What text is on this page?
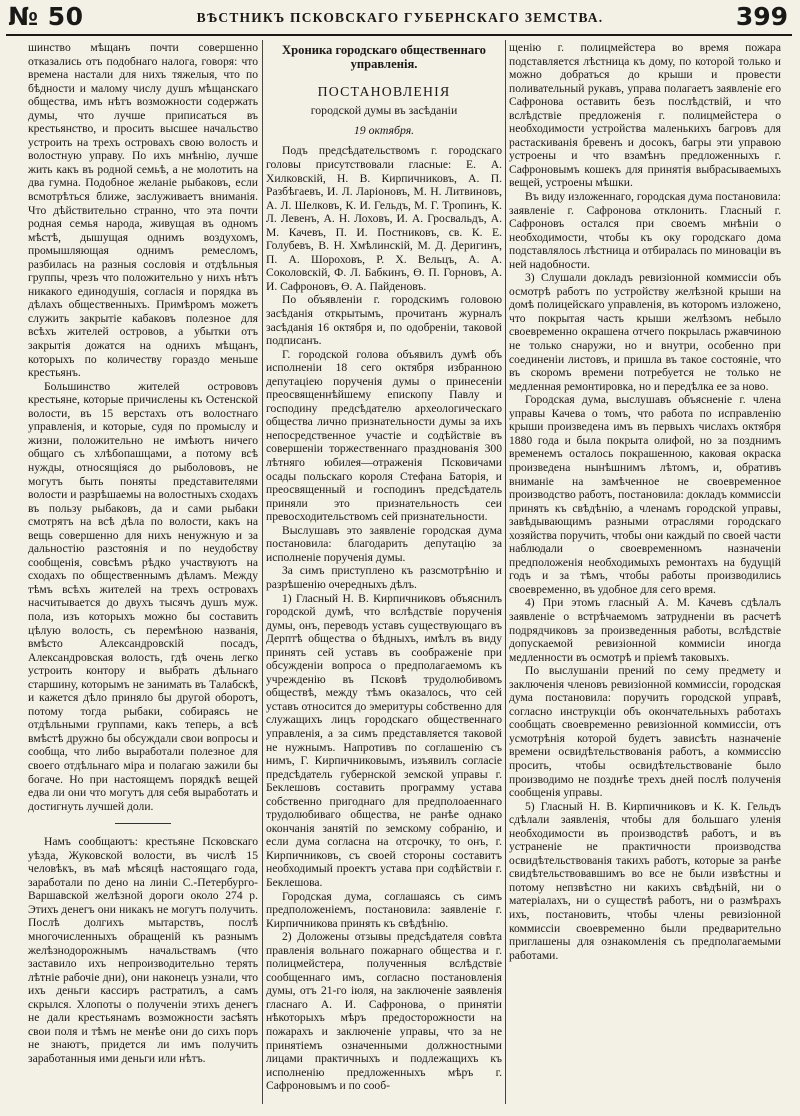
№ 50	ВѢСТНИКЪ ПСКОВСКАГО ГУБЕРНСКАГО ЗЕМСТВА.	399

шинство мѣщанъ почти совершенно отказались отъ подобнаго налога, говоря: что времена настали для нихъ тяжелыя, что по бѣдности и малому числу душъ мѣщанскаго общества, имъ нѣтъ возможности содержать думы, что лучше приписаться въ крестьянство, и просить высшее начальство устроить на трехъ островахъ свою волость и волостную управу. По ихъ мнѣнію, лучше жить какъ въ родной семьѣ, а не молотить на два гумна. Подобное желаніе рыбаковъ, если всмотрѣться ближе, заслуживаетъ вниманія. Что дѣйствительно странно, что эта почти родная семья народа, живущая въ одномъ мѣстѣ, дышущая однимъ воздухомъ, промышляющая однимъ ремесломъ, разбилась на разныя сословія и отдѣльныя группы, чрезъ что положительно у нихъ нѣтъ никакого единодушія, согласія и порядка въ дѣлахъ общественныхъ. Примѣромъ можетъ служить закрытіе кабаковъ полезное для всѣхъ жителей островов, а убытки отъ закрытія дожатся на однихъ мѣщанъ, которыхъ по количеству гораздо меньше крестьянъ.

Большинство жителей острововъ крестьяне, которые причислены къ Остенской волости, въ 15 верстахъ отъ волостнаго управленія, и которые, судя по промыслу и жизни, положительно не имѣютъ ничего общаго съ хлѣбопашцами, а потому всѣ нужды, относящіяся до рыболововъ, не могутъ быть поняты представителями волости и разрѣшаемы на волостныхъ сходахъ въ пользу рыбаковъ, да и сами рыбаки смотрятъ на всѣ дѣла по волости, какъ на вещь совершенно для нихъ ненужную и за дальностію разстоянія и по неудобству сообщенія, совсѣмъ рѣдко участвуютъ на сходахъ по общественнымъ дѣламъ. Между тѣмъ всѣхъ жителей на трехъ островахъ насчитывается до двухъ тысячъ душъ муж. пола, изъ которыхъ можно бы составить цѣлую волость, съ перемѣною названія, вмѣсто Александровскій посадъ, Александровская волость, гдѣ очень легко устроить контору и выбрать дѣльнаго старшину, которымъ не занимать въ Талабскѣ, и кажется дѣло приняло бы другой оборотъ, потому тогда рыбаки, собираясь не отдѣльными группами, какъ теперь, а всѣ вмѣстѣ дружно бы обсуждали свои вопросы и сообща, что либо выработали полезное для своего отдѣльнаго міра и полагаю зажили бы богаче. Но при настоящемъ порядкѣ вещей едва ли они что могутъ для себя выработать и достигнуть лучшей доли.

Намъ сообщаютъ: крестьяне Псковскаго уѣзда, Жуковской волости, въ числѣ 15 человѣкъ, въ маѣ мѣсяцѣ настоящаго года, заработали по дено на линіи С.-Петербурго-Варшавской желѣзной дороги около 274 р. Этихъ денегъ они никакъ не могутъ получить. Послѣ долгихъ мытарствъ, послѣ многочисленныхъ обращеній къ разнымъ желѣзнодорожнымъ начальствамъ (что заставило ихъ непроизводительно терять лѣтніе рабочіе дни), они наконецъ узнали, что ихъ деньги кассиръ растратилъ, а самъ скрылся. Хлопоты о полученіи этихъ денегъ не дали крестьянамъ возможности засѣять свои поля и тѣмъ не менѣе они до сихъ поръ не знаютъ, придется ли имъ получить заработанныя ими деньги или нѣтъ.

Хроника городскаго общественнаго управленія.
ПОСТАНОВЛЕНІЯ
городской думы въ засѣданіи
19 октября.

Подъ предсѣдательствомъ г. городскаго головы присутствовали гласные: Е. А. Хилковскій, Н. В. Кирпичниковъ, А. П. Разбѣгаевъ, И. Л. Ларіоновъ, М. Н. Литвиновъ, А. Л. Шелковъ, К. И. Гельдъ, М. Г. Тропинъ, К. Л. Левенъ, А. Н. Лоховъ, И. А. Гросвальдъ, А. М. Качевъ, П. И. Постниковъ, св. К. Е. Голубевъ, В. Н. Хмѣлинскій, М. Д. Деригинъ, П. А. Шороховъ, Р. Х. Вельцъ, А. А. Соколовскій, Ф. Л. Бабкинъ, Ө. П. Горновъ, А. И. Сафроновъ, Ө. А. Пайденовъ.

По объявленіи г. городскимъ головою засѣданія открытымъ, прочитанъ журналъ засѣданія 16 октября и, по одобреніи, таковой подписанъ.

Г. городской голова объявилъ думѣ объ исполненіи 18 сего октября избранною депутаціею порученія думы о принесеніи преосвященнѣйшему епископу Павлу и господину предсѣдателю археологическаго общества лично признательности думы за ихъ непосредственное участіе и содѣйствіе въ совершеніи торжественнаго празднованія 300 лѣтняго юбилея—отраженія Псковичами осады польскаго короля Стефана Баторія, и преосвященный и господинъ предсѣдатель приняли это признательность сеи превосходительствомъ сей признательности.

Выслушавъ это заявленіе городская дума постановила: благодарить депутацію за исполненіе порученія думы.

За симъ приступлено къ разсмотрѣнію и разрѣшенію очередныхъ дѣлъ.

1) Гласный Н. В. Кирпичниковъ объяснилъ городской думѣ, что вслѣдствіе порученія думы, онъ, переводъ уставъ существующаго въ Дерптѣ общества о бѣдныхъ, имѣлъ въ виду принять сей уставъ въ соображеніе при обсужденіи вопроса о предполагаемомъ къ учрежденію въ Псковѣ трудолюбивомъ обществѣ, между тѣмъ оказалось, что сей уставъ относится до эмеритуры собственно для служащихъ лицъ городскаго общественнаго управленія, а за симъ представляется таковой не нужнымъ. Напротивъ по соглашенію съ нимъ, Г. Кирпичниковымъ, изъявилъ согласіе предсѣдатель губернской земской управы г. Беклешовъ составить программу устава собственно пригоднаго для предполоаеннаго трудолюбиваго общества, не ранѣе однако окончанія занятій по земскому собранію, и если дума согласна на отсрочку, то онъ, г. Кирпичниковъ, съ своей стороны составитъ необходимый проектъ устава при содѣйствіи г. Беклешова.

Городская дума, соглашаясь съ симъ предположеніемъ, постановила: заявленіе г. Кирпичникова принять къ свѣдѣнію.

2) Доложены отзывы предсѣдателя совѣта правленія вольнаго пожарнаго общества и г. полицмейстера, полученныя вслѣдствіе сообщеннаго имъ, согласно постановленія думы, отъ 21-го іюля, на заключеніе заявленія гласнаго А. И. Сафронова, о принятіи нѣкоторыхъ мѣръ предосторожности на пожарахъ и заключеніе управы, что за не принятіемъ означенными должностными лицами практичныхъ и подлежащихъ къ исполненію предложенныхъ мѣръ г. Сафроновымъ и по сооб-

щенію г. полицмейстера во время пожара подставляется лѣстница къ дому, по которой только и можно добраться до крыши и провести поливательный рукавъ, управа полагаетъ заявленіе его Сафронова оставить безъ послѣдствій, и что вслѣдствіе предложенія г. полицмейстера о необходимости устройства маленькихъ багровъ для растаскиванія бревенъ и досокъ, багры эти управою устроены и что взамѣнъ предложенныхъ г. Сафроновымъ кошекъ для принятія выбрасываемыхъ вещей, устроены мѣшки.

Въ виду изложеннаго, городская дума постановила: заявленіе г. Сафронова отклонить. Гласный г. Сафроновъ остался при своемъ мнѣніи о необходимости, чтобы къ оку городскаго дома подставлялось лѣстница и отбиралась по миноваціи въ ней надобности.

3) Слушали докладъ ревизіонной коммиссіи объ осмотрѣ работъ по устройству желѣзной крыши на домѣ полицейскаго управленія, въ которомъ изложено, что покрытая часть крыши желѣзомъ небыло своевременно окрашена отчего покрылась ржавчиною не только снаружи, но и внутри, особенно при соединеніи листовъ, и пришла въ такое состояніе, что въ скоромъ времени потребуется не только не медленная ремонтировка, но и передѣлка ее за ново.

Городская дума, выслушавъ объясненіе г. члена управы Качева о томъ, что работа по исправленію крыши произведена имъ въ первыхъ числахъ октября 1880 года и была покрыта олифой, но за позднимъ временемъ осталось покрашенною, каковая окраска произведена нынѣшнимъ лѣтомъ, и, обративъ вниманіе на замѣченное не своевременное производство работъ, постановила: докладъ коммиссіи принять къ свѣдѣнію, а членамъ городской управы, завѣдывающимъ разными отраслями городскаго хозяйства поручить, чтобы они каждый по своей части наблюдали о своевременномъ назначеніи предположенія необходимыхъ ремонтахъ на будущій годъ и за тѣмъ, чтобы работы производились своевременно, въ удобное для сего время.

4) При этомъ гласный А. М. Качевъ сдѣлалъ заявленіе о встрѣчаемомъ затрудненіи въ расчетѣ подрядчиковъ за произведенныя работы, вслѣдствіе допускаемой ревизіонной коммисіи иногда медленности въ осмотрѣ и пріемѣ таковыхъ.

По выслушаніи прений по сему предмету и заключенія членовъ ревизіонной коммиссіи, городская дума постановила: поручить городской управѣ, согласно инструкціи объ окончательныхъ работахъ сообщать своевременно ревизіонной коммиссіи, отъ усмотрѣнія которой будетъ зависѣть назначеніе времени освидѣтельствованія работъ, а коммиссію просить, чтобы освидѣтельствованіе было производимо не позднѣе трехъ дней послѣ полученія сообщенія управы.

5) Гласный Н. В. Кирпичниковъ и К. К. Гельдъ сдѣлали заявленія, чтобы для большаго уленія необходимости въ производствѣ работъ, и въ устраненіе не практичности производства освидѣтельствованія такихъ работъ, которые за ранѣе свидѣтельствовавшимъ во все не были извѣстны и потому непзвѣстно ни какихъ свѣдѣній, ни о матеріалахъ, ни о существѣ работъ, ни о размѣрахъ ихъ, постановить, чтобы члены ревизіонной коммиссіи своевременно были предварительно приглашены для ознакомленія съ предполагаемыми работами.
